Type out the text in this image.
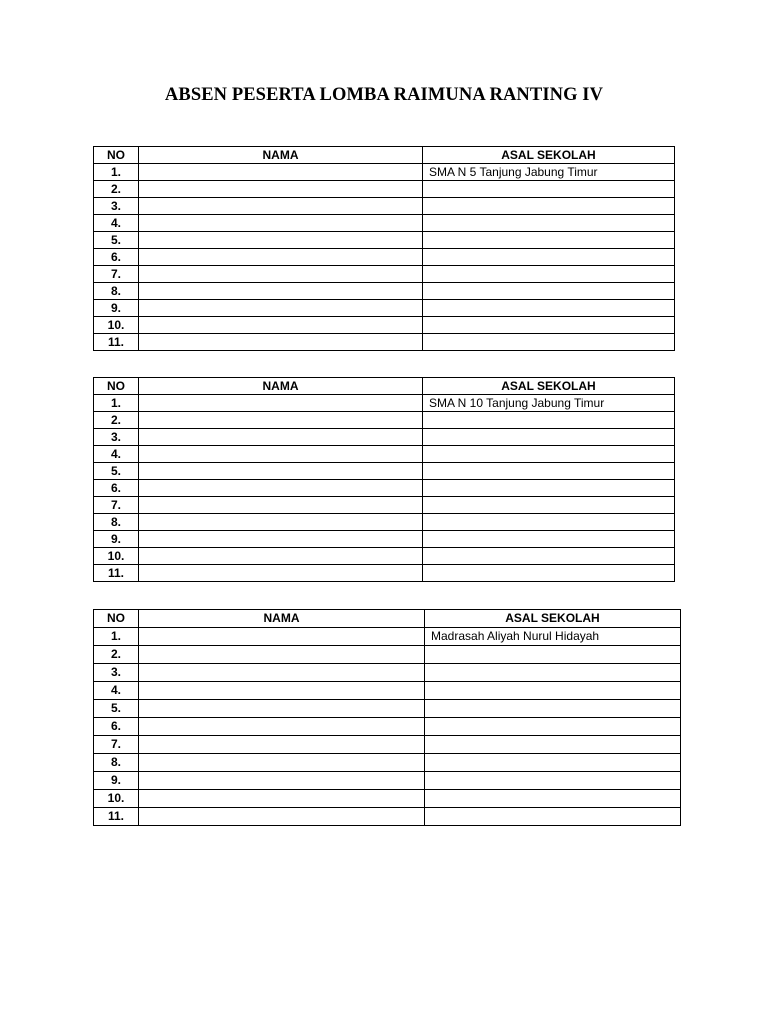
ABSEN PESERTA LOMBA RAIMUNA RANTING IV
NO	NAMA	ASAL SEKOLAH
1.		SMA N 5 Tanjung Jabung Timur
2.		
3.		
4.		
5.		
6.		
7.		
8.		
9.		
10.		
11.		
NO	NAMA	ASAL SEKOLAH
1.		SMA N 10 Tanjung Jabung Timur
2.		
3.		
4.		
5.		
6.		
7.		
8.		
9.		
10.		
11.		
NO	NAMA	ASAL SEKOLAH
1.		Madrasah Aliyah Nurul Hidayah
2.		
3.		
4.		
5.		
6.		
7.		
8.		
9.		
10.		
11.		
